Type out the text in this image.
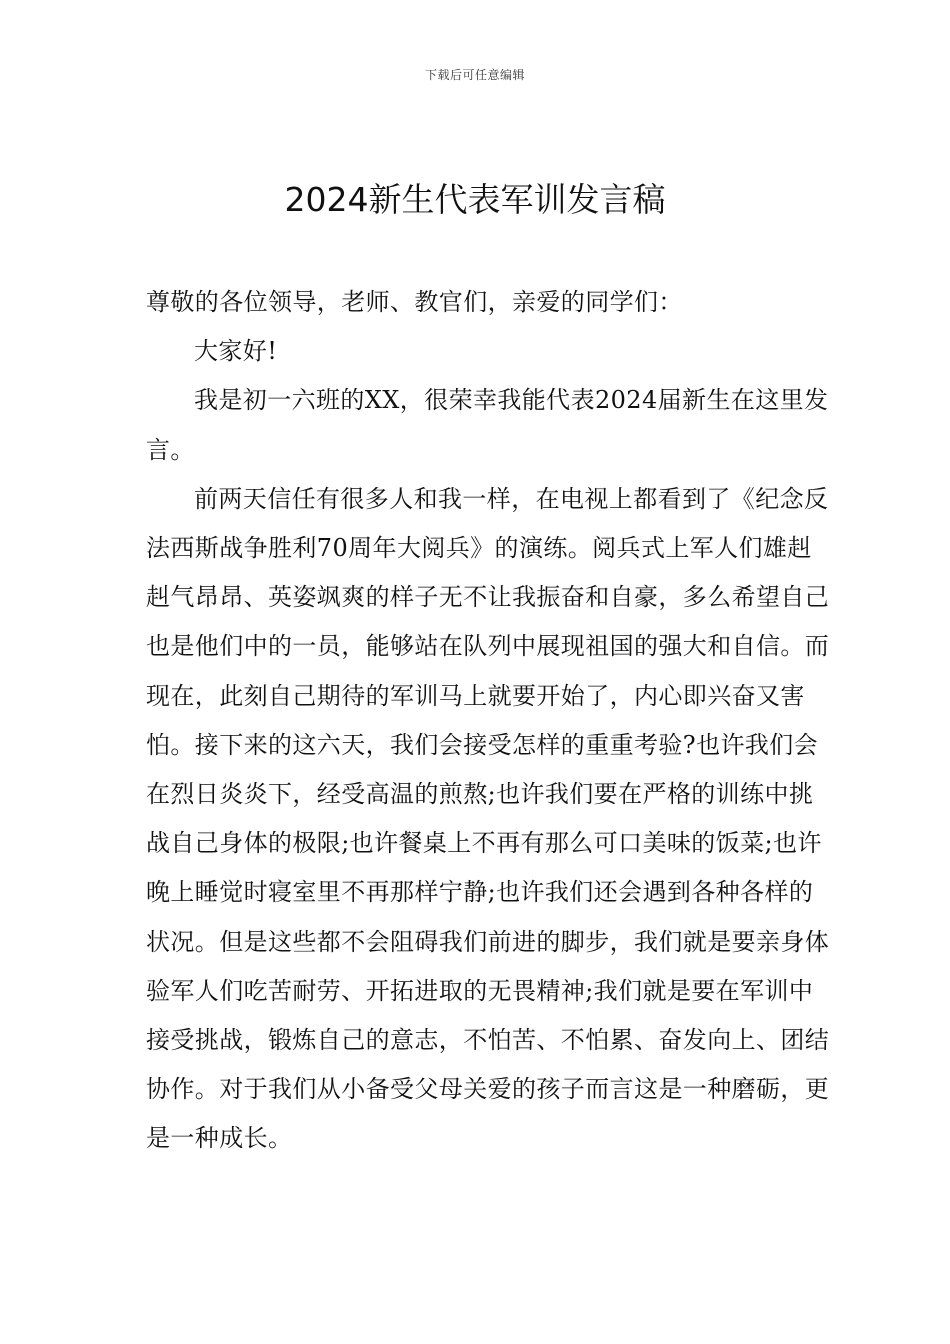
下载后可任意编辑
2024新生代表军训发言稿

尊敬的各位领导，老师、教官们，亲爱的同学们：

大家好!

我是初一六班的XX，很荣幸我能代表2024届新生在这里发言。

前两天信任有很多人和我一样，在电视上都看到了《纪念反法西斯战争胜利70周年大阅兵》的演练。阅兵式上军人们雄赳赳气昂昂、英姿飒爽的样子无不让我振奋和自豪，多么希望自己也是他们中的一员，能够站在队列中展现祖国的强大和自信。而现在，此刻自己期待的军训马上就要开始了，内心即兴奋又害怕。接下来的这六天，我们会接受怎样的重重考验?也许我们会在烈日炎炎下，经受高温的煎熬;也许我们要在严格的训练中挑战自己身体的极限;也许餐桌上不再有那么可口美味的饭菜;也许晚上睡觉时寝室里不再那样宁静;也许我们还会遇到各种各样的状况。但是这些都不会阻碍我们前进的脚步，我们就是要亲身体验军人们吃苦耐劳、开拓进取的无畏精神;我们就是要在军训中接受挑战，锻炼自己的意志，不怕苦、不怕累、奋发向上、团结协作。对于我们从小备受父母关爱的孩子而言这是一种磨砺，更是一种成长。
